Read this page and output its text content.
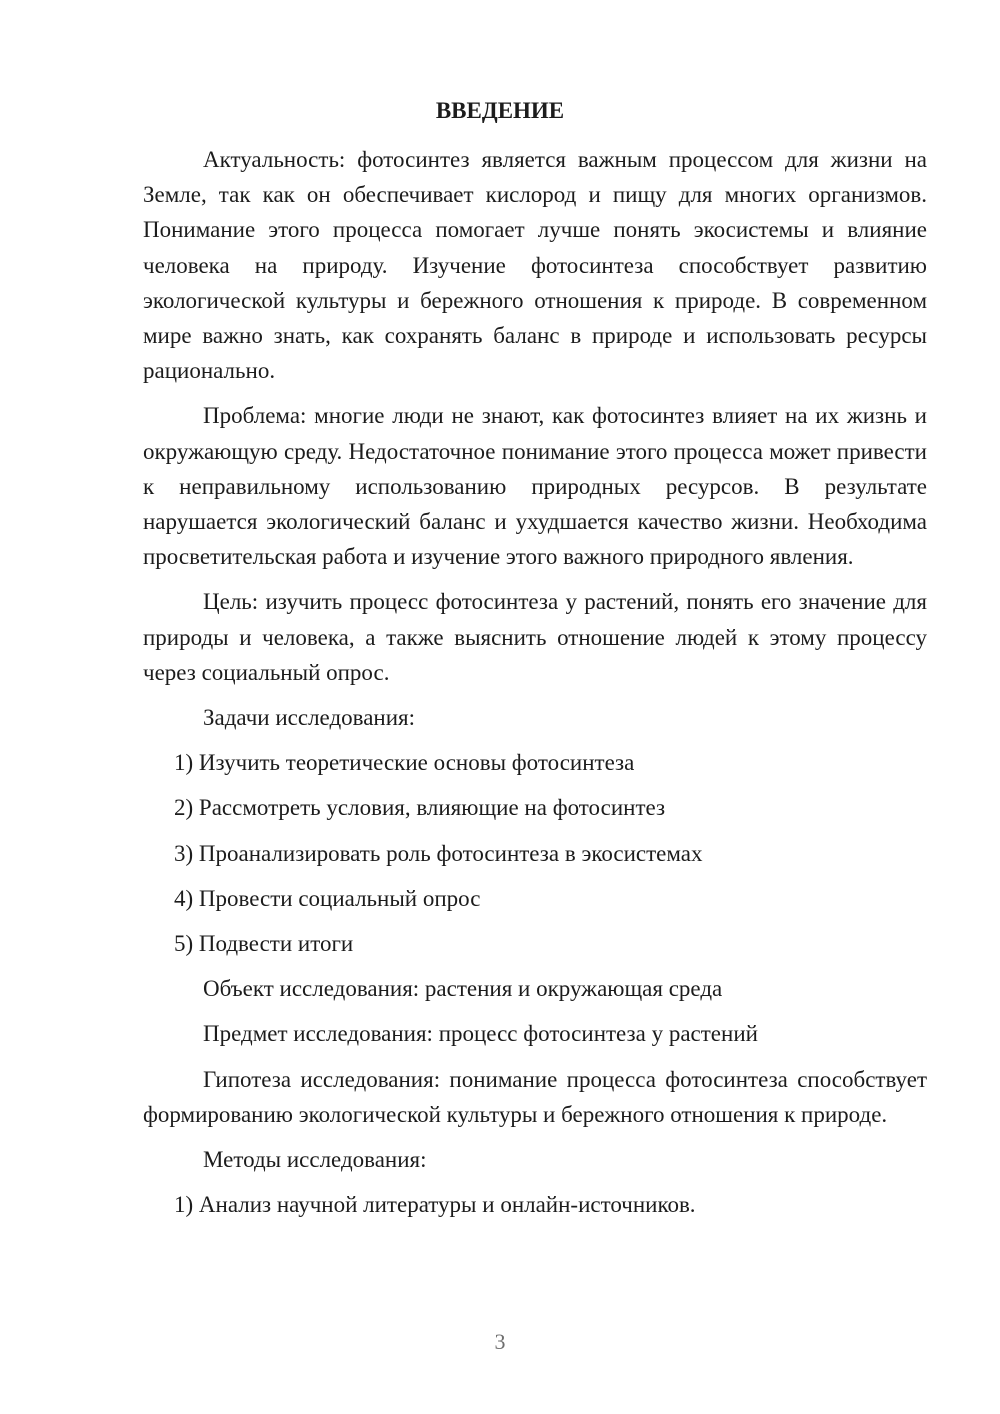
ВВЕДЕНИЕ

Актуальность: фотосинтез является важным процессом для жизни на Земле, так как он обеспечивает кислород и пищу для многих организмов. Понимание этого процесса помогает лучше понять экосистемы и влияние человека на природу. Изучение фотосинтеза способствует развитию экологической культуры и бережного отношения к природе. В современном мире важно знать, как сохранять баланс в природе и использовать ресурсы рационально.

Проблема: многие люди не знают, как фотосинтез влияет на их жизнь и окружающую среду. Недостаточное понимание этого процесса может привести к неправильному использованию природных ресурсов. В результате нарушается экологический баланс и ухудшается качество жизни. Необходима просветительская работа и изучение этого важного природного явления.

Цель: изучить процесс фотосинтеза у растений, понять его значение для природы и человека, а также выяснить отношение людей к этому процессу через социальный опрос.

Задачи исследования:

1) Изучить теоретические основы фотосинтеза

2) Рассмотреть условия, влияющие на фотосинтез

3) Проанализировать роль фотосинтеза в экосистемах

4) Провести социальный опрос

5) Подвести итоги

Объект исследования: растения и окружающая среда

Предмет исследования: процесс фотосинтеза у растений

Гипотеза исследования: понимание процесса фотосинтеза способствует формированию экологической культуры и бережного отношения к природе.

Методы исследования:

1) Анализ научной литературы и онлайн-источников.

3
